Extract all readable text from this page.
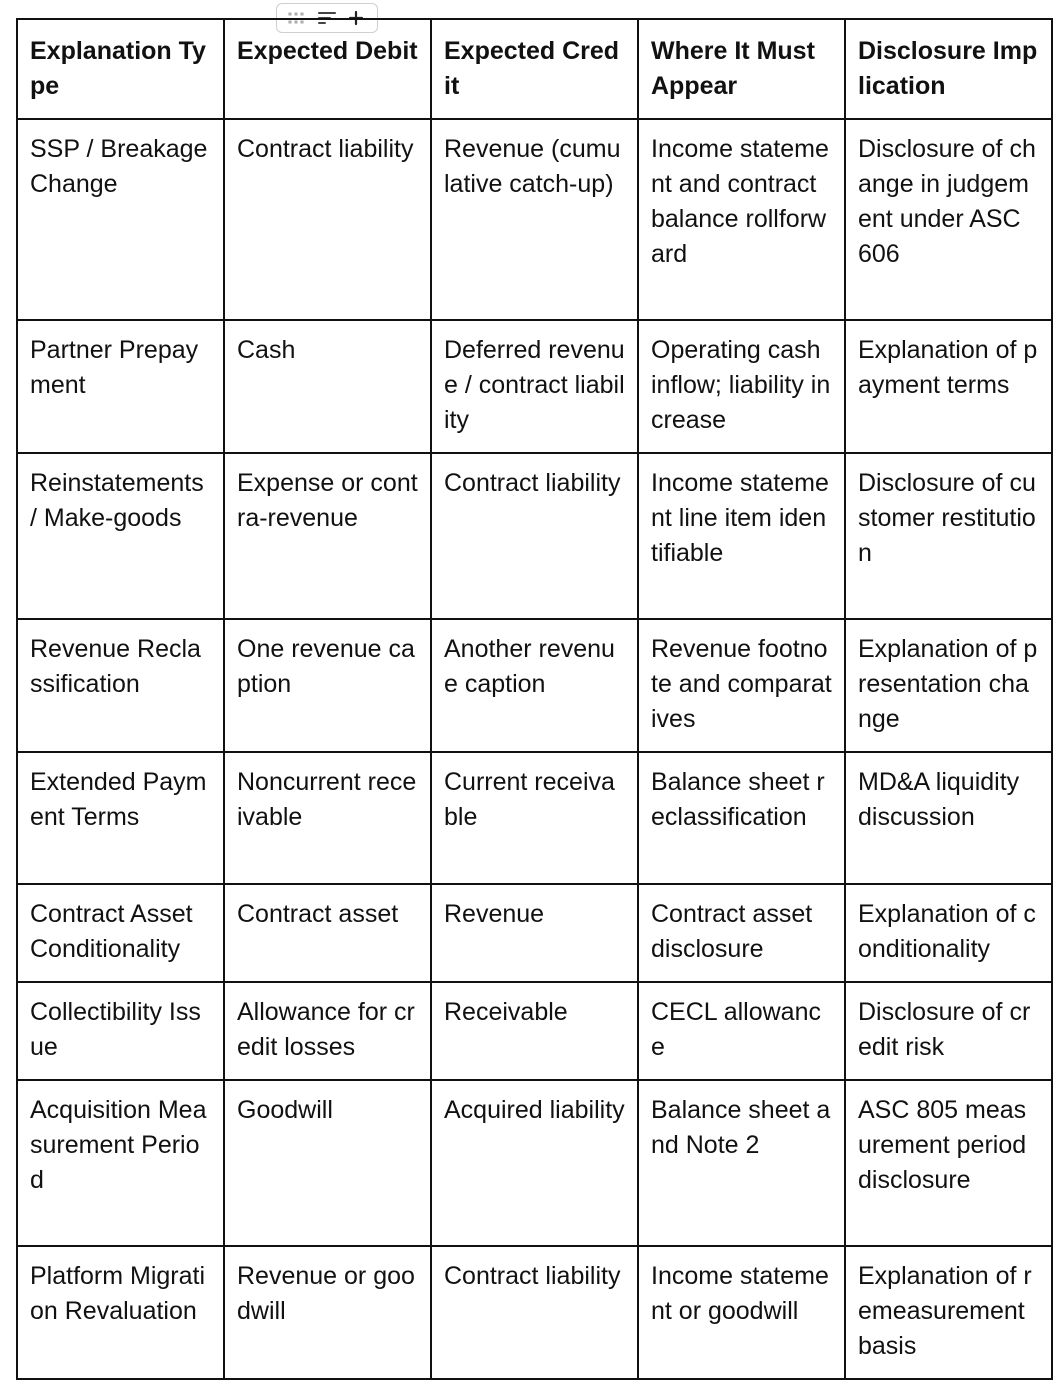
Explanation Type	Expected Debit	Expected Credit	Where It Must Appear	Disclosure Implication
SSP / Breakage Change	Contract liability	Revenue (cumulative catch-up)	Income statement and contract balance rollforward	Disclosure of change in judgement under ASC 606
Partner Prepayment	Cash	Deferred revenue / contract liability	Operating cash inflow; liability increase	Explanation of payment terms
Reinstatements / Make-goods	Expense or contra-revenue	Contract liability	Income statement line item identifiable	Disclosure of customer restitution
Revenue Reclassification	One revenue caption	Another revenue caption	Revenue footnote and comparatives	Explanation of presentation change
Extended Payment Terms	Noncurrent receivable	Current receivable	Balance sheet reclassification	MD&A liquidity discussion
Contract Asset Conditionality	Contract asset	Revenue	Contract asset disclosure	Explanation of conditionality
Collectibility Issue	Allowance for credit losses	Receivable	CECL allowance	Disclosure of credit risk
Acquisition Measurement Period	Goodwill	Acquired liability	Balance sheet and Note 2	ASC 805 measurement period disclosure
Platform Migration Revaluation	Revenue or goodwill	Contract liability	Income statement or goodwill	Explanation of remeasurement basis
